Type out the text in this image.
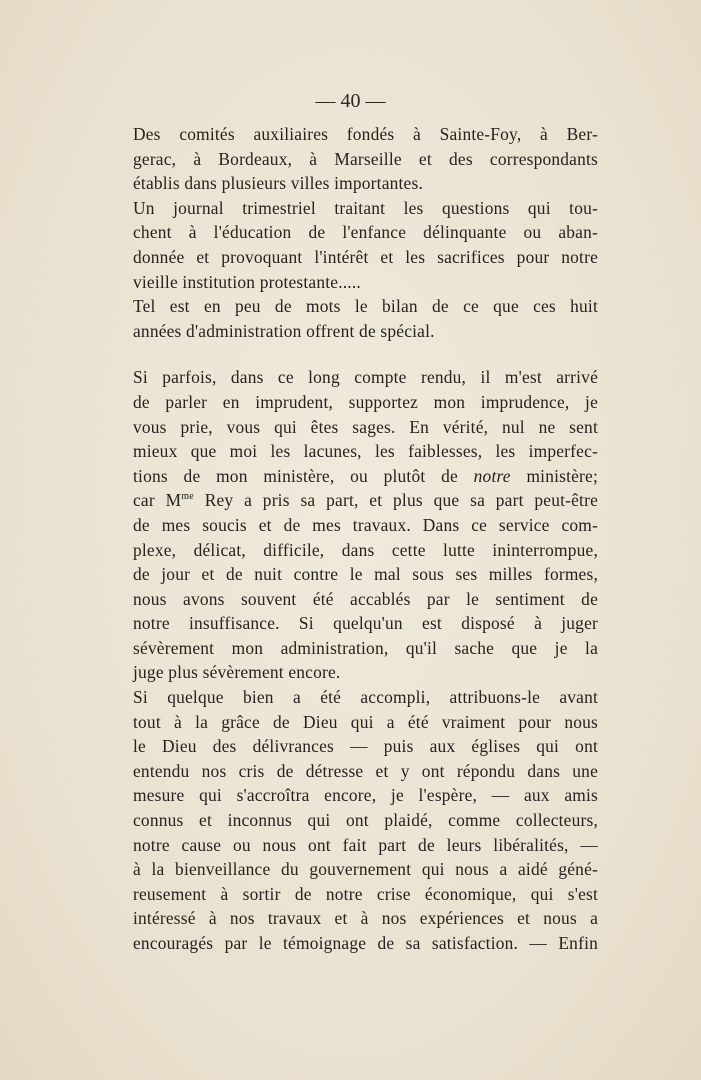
— 40 —
Des comités auxiliaires fondés à Sainte-Foy, à Ber-
gerac, à Bordeaux, à Marseille et des correspondants
établis dans plusieurs villes importantes.
Un journal trimestriel traitant les questions qui tou-
chent à l'éducation de l'enfance délinquante ou aban-
donnée et provoquant l'intérêt et les sacrifices pour notre
vieille institution protestante.....
Tel est en peu de mots le bilan de ce que ces huit
années d'administration offrent de spécial.
Si parfois, dans ce long compte rendu, il m'est arrivé
de parler en imprudent, supportez mon imprudence, je
vous prie, vous qui êtes sages. En vérité, nul ne sent
mieux que moi les lacunes, les faiblesses, les imperfec-
tions de mon ministère, ou plutôt de notre ministère;
car $M^{me}$ Rey a pris sa part, et plus que sa part peut-être
de mes soucis et de mes travaux. Dans ce service com-
plexe, délicat, difficile, dans cette lutte ininterrompue,
de jour et de nuit contre le mal sous ses milles formes,
nous avons souvent été accablés par le sentiment de
notre insuffisance. Si quelqu'un est disposé à juger
sévèrement mon administration, qu'il sache que je la
juge plus sévèrement encore.
Si quelque bien a été accompli, attribuons-le avant
tout à la grâce de Dieu qui a été vraiment pour nous
le Dieu des délivrances — puis aux églises qui ont
entendu nos cris de détresse et y ont répondu dans une
mesure qui s'accroîtra encore, je l'espère, — aux amis
connus et inconnus qui ont plaidé, comme collecteurs,
notre cause ou nous ont fait part de leurs libéralités, —
à la bienveillance du gouvernement qui nous a aidé géné-
reusement à sortir de notre crise économique, qui s'est
intéressé à nos travaux et à nos expériences et nous a
encouragés par le témoignage de sa satisfaction. — Enfin
